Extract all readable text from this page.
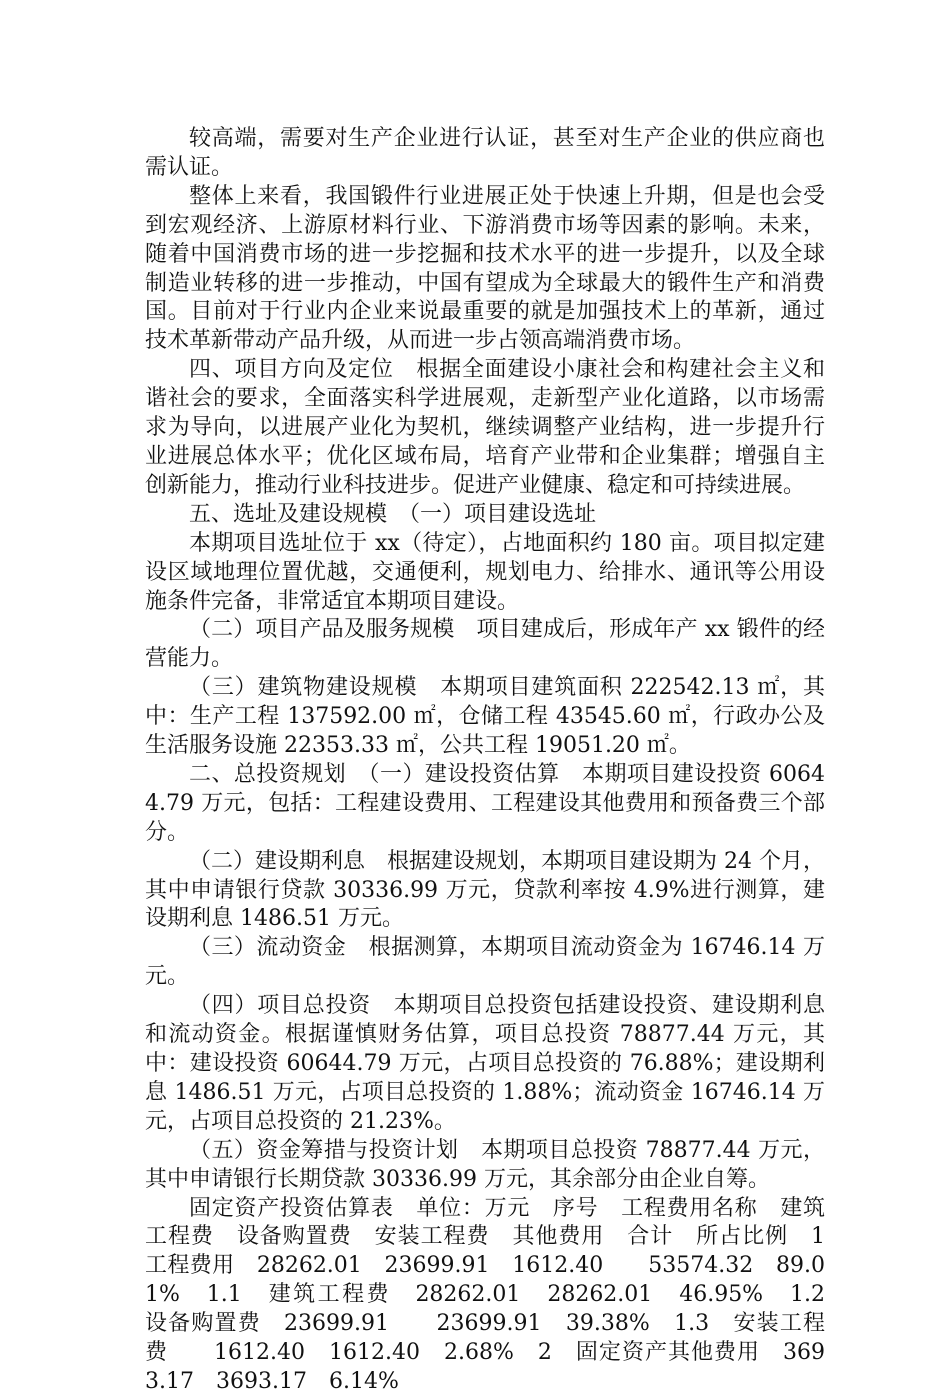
较高端，需要对生产企业进行认证，甚至对生产企业的供应商也需认证。

整体上来看，我国锻件行业进展正处于快速上升期，但是也会受到宏观经济、上游原材料行业、下游消费市场等因素的影响。未来，随着中国消费市场的进一步挖掘和技术水平的进一步提升，以及全球制造业转移的进一步推动，中国有望成为全球最大的锻件生产和消费国。目前对于行业内企业来说最重要的就是加强技术上的革新，通过技术革新带动产品升级，从而进一步占领高端消费市场。

四、项目方向及定位　根据全面建设小康社会和构建社会主义和谐社会的要求，全面落实科学进展观，走新型产业化道路，以市场需求为导向，以进展产业化为契机，继续调整产业结构，进一步提升行业进展总体水平；优化区域布局，培育产业带和企业集群；增强自主创新能力，推动行业科技进步。促进产业健康、稳定和可持续进展。

五、选址及建设规模　（一）项目建设选址

本期项目选址位于 xx（待定），占地面积约 180 亩。项目拟定建设区域地理位置优越，交通便利，规划电力、给排水、通讯等公用设施条件完备，非常适宜本期项目建设。

（二）项目产品及服务规模　项目建成后，形成年产 xx 锻件的经营能力。

（三）建筑物建设规模　本期项目建筑面积 222542.13 ㎡，其中：生产工程 137592.00 ㎡，仓储工程 43545.60 ㎡，行政办公及生活服务设施 22353.33 ㎡，公共工程 19051.20 ㎡。

二、总投资规划　（一）建设投资估算　本期项目建设投资 60644.79 万元，包括：工程建设费用、工程建设其他费用和预备费三个部分。

（二）建设期利息　根据建设规划，本期项目建设期为 24 个月，其中申请银行贷款 30336.99 万元，贷款利率按 4.9%进行测算，建设期利息 1486.51 万元。

（三）流动资金　根据测算，本期项目流动资金为 16746.14 万元。

（四）项目总投资　本期项目总投资包括建设投资、建设期利息和流动资金。根据谨慎财务估算，项目总投资 78877.44 万元，其中：建设投资 60644.79 万元，占项目总投资的 76.88%；建设期利息 1486.51 万元，占项目总投资的 1.88%；流动资金 16746.14 万元，占项目总投资的 21.23%。

（五）资金筹措与投资计划　本期项目总投资 78877.44 万元，其中申请银行长期贷款 30336.99 万元，其余部分由企业自筹。

固定资产投资估算表　单位：万元　序号　工程费用名称　建筑工程费　设备购置费　安装工程费　其他费用　合计　所占比例　1　工程费用　28262.01　23699.91　1612.40　　53574.32　89.01%　1.1　建筑工程费　28262.01　28262.01　46.95%　1.2　设备购置费　23699.91　　23699.91　39.38%　1.3　安装工程费　　1612.40　1612.40　2.68%　2　固定资产其他费用　3693.17　3693.17　6.14%
